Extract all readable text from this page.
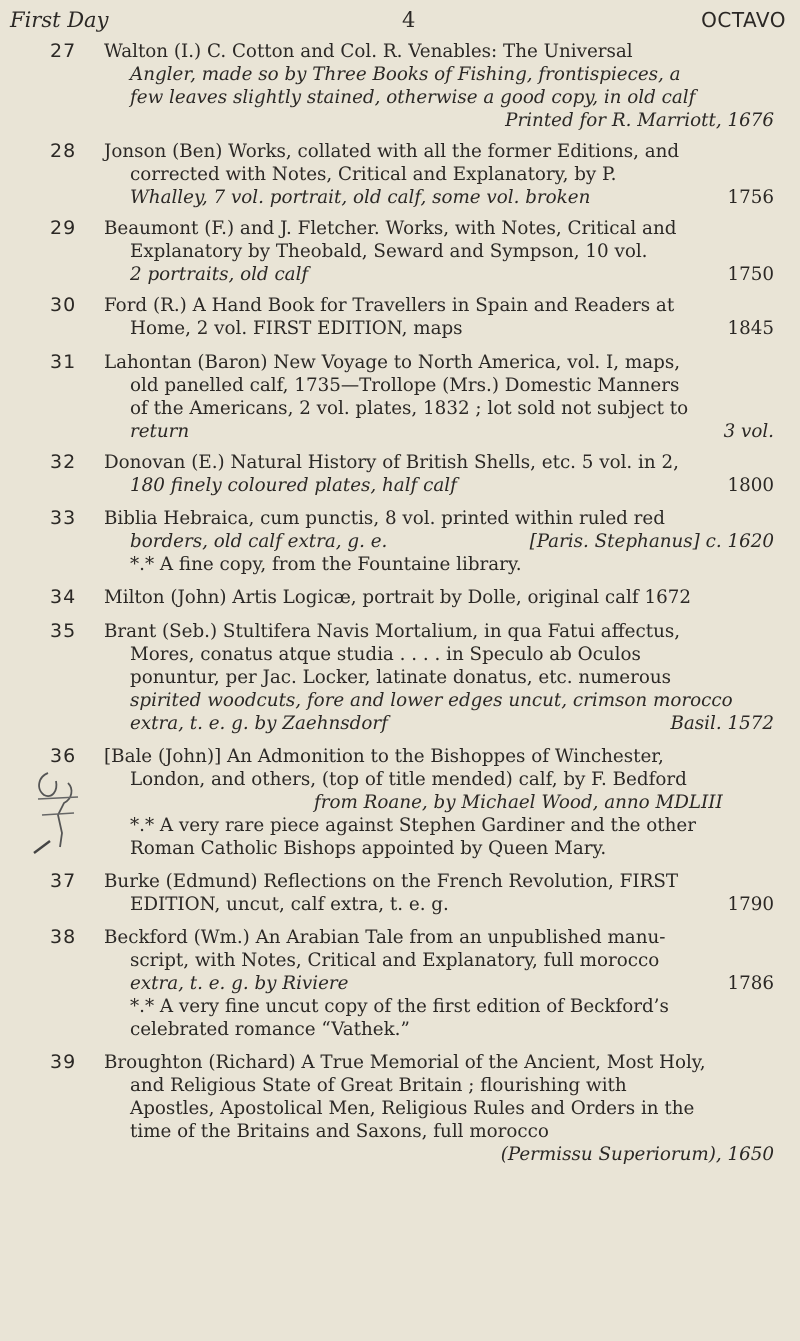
First Day	4	OCTAVO
27 Walton (I.) C. Cotton and Col. R. Venables: The Universal
Angler, made so by Three Books of Fishing, frontispieces, a
few leaves slightly stained, otherwise a good copy, in old calf
Printed for R. Marriott, 1676
28 Jonson (Ben) Works, collated with all the former Editions, and
corrected with Notes, Critical and Explanatory, by P.
Whalley, 7 vol. portrait, old calf, some vol. broken	1756
29 Beaumont (F.) and J. Fletcher. Works, with Notes, Critical and
Explanatory by Theobald, Seward and Sympson, 10 vol.
2 portraits, old calf	1750
30 Ford (R.) A Hand Book for Travellers in Spain and Readers at
Home, 2 vol. FIRST EDITION, maps	1845
31 Lahontan (Baron) New Voyage to North America, vol. I, maps,
old panelled calf, 1735—Trollope (Mrs.) Domestic Manners
of the Americans, 2 vol. plates, 1832 ; lot sold not subject to
return	3 vol.
32 Donovan (E.) Natural History of British Shells, etc. 5 vol. in 2,
180 finely coloured plates, half calf	1800
33 Biblia Hebraica, cum punctis, 8 vol. printed within ruled red
borders, old calf extra, g. e.	[Paris. Stephanus] c. 1620
*.* A fine copy, from the Fountaine library.
34 Milton (John) Artis Logicæ, portrait by Dolle, original calf 1672
35 Brant (Seb.) Stultifera Navis Mortalium, in qua Fatui affectus,
Mores, conatus atque studia . . . . in Speculo ab Oculos
ponuntur, per Jac. Locker, latinate donatus, etc. numerous
spirited woodcuts, fore and lower edges uncut, crimson morocco
extra, t. e. g. by Zaehnsdorf	Basil. 1572
36 [Bale (John)] An Admonition to the Bishoppes of Winchester,
London, and others, (top of title mended) calf, by F. Bedford
from Roane, by Michael Wood, anno MDLIII
*.* A very rare piece against Stephen Gardiner and the other
Roman Catholic Bishops appointed by Queen Mary.
37 Burke (Edmund) Reflections on the French Revolution, FIRST
EDITION, uncut, calf extra, t. e. g.	1790
38 Beckford (Wm.) An Arabian Tale from an unpublished manu-
script, with Notes, Critical and Explanatory, full morocco
extra, t. e. g. by Riviere	1786
*.* A very fine uncut copy of the first edition of Beckford’s
celebrated romance “Vathek.”
39 Broughton (Richard) A True Memorial of the Ancient, Most Holy,
and Religious State of Great Britain ; flourishing with
Apostles, Apostolical Men, Religious Rules and Orders in the
time of the Britains and Saxons, full morocco
(Permissu Superiorum), 1650
